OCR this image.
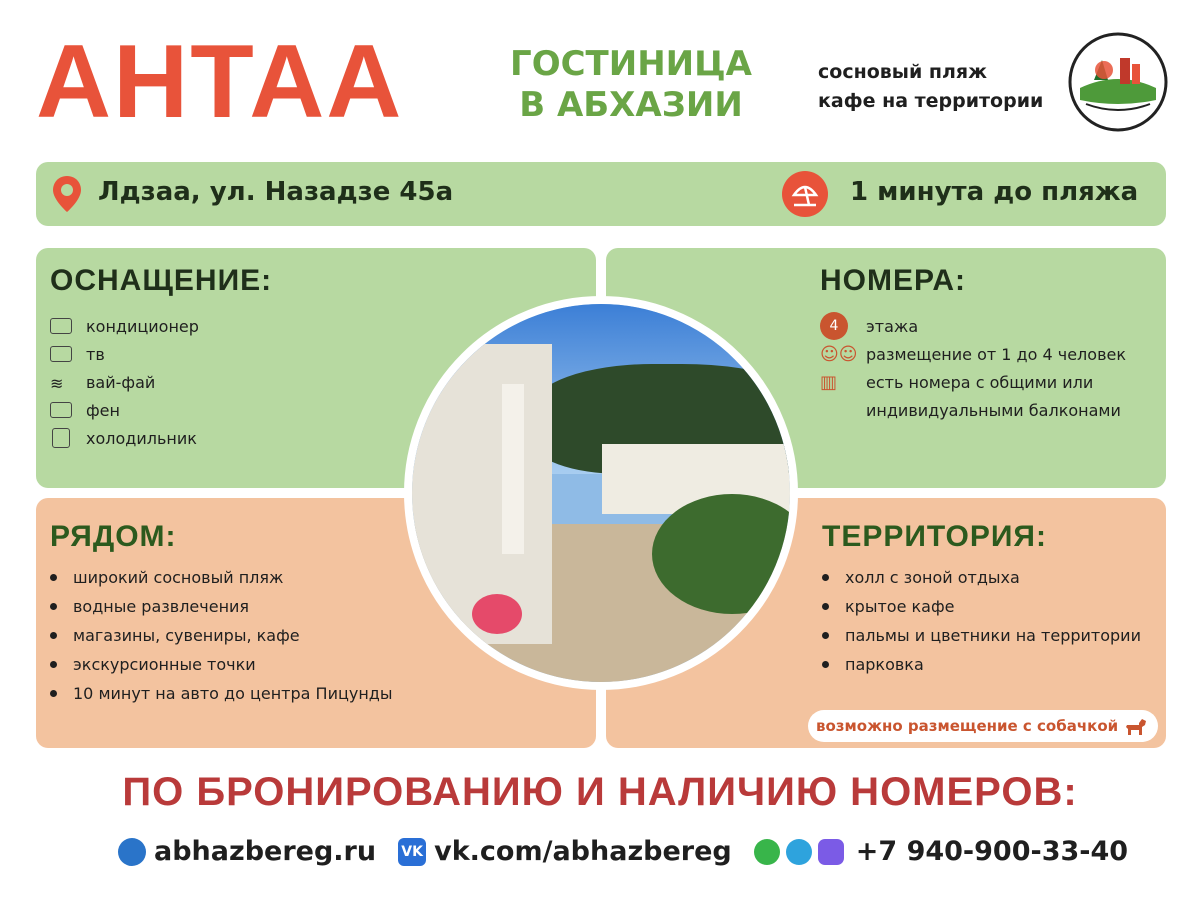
АНТАА	ГОСТИНИЦА
В АБХАЗИИ
сосновый пляж
кафе на территории
Лдзаа, ул. Назадзе 45а	1 минута до пляжа
ОСНАЩЕНИЕ:
кондиционер
тв
≋	вай-фай
фен
холодильник
НОМЕРА:
4	этажа
☺☺ размещение от 1 до 4 человек
▥	есть номера с общими или
индивидуальными балконами
РЯДОМ:
широкий сосновый пляж
водные развлечения
магазины, сувениры, кафе
экскурсионные точки
10 минут на авто до центра Пицунды
ТЕРРИТОРИЯ:
холл с зоной отдыха
крытое кафе
пальмы и цветники на территории
парковка
возможно размещение с собачкой
ПО БРОНИРОВАНИЮ И НАЛИЧИЮ НОМЕРОВ:
abhazbereg.ru VK vk.com/abhazbereg	+7 940-900-33-40
